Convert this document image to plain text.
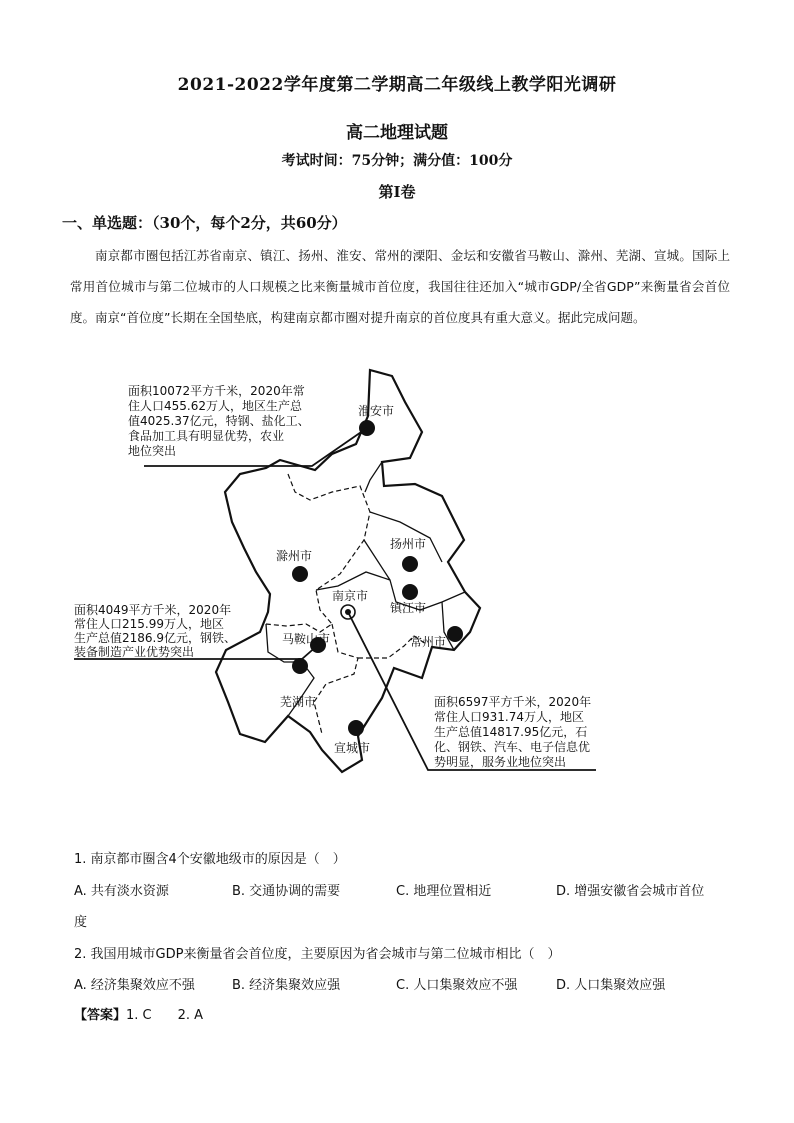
2021-2022学年度第二学期高二年级线上教学阳光调研
高二地理试题
考试时间：75分钟；满分值：100分
第Ⅰ卷
一、单选题：（30个，每个2分，共60分）
南京都市圈包括江苏省南京、镇江、扬州、淮安、常州的溧阳、金坛和安徽省马鞍山、滁州、芜湖、宣城。国际上常用首位城市与第二位城市的人口规模之比来衡量城市首位度，我国往往还加入“城市GDP/全省GDP”来衡量省会首位度。南京“首位度”长期在全国垫底，构建南京都市圈对提升南京的首位度具有重大意义。据此完成问题。
淮安市
滁州市
扬州市
南京市
镇江市
常州市
马鞍山市
芜湖市
宣城市
面积10072平方千米，2020年常
住人口455.62万人，地区生产总
值4025.37亿元，特钢、盐化工、
食品加工具有明显优势，农业
地位突出
面积4049平方千米，2020年
常住人口215.99万人，地区
生产总值2186.9亿元，钢铁、
装备制造产业优势突出
面积6597平方千米，2020年
常住人口931.74万人，地区
生产总值14817.95亿元，石
化、钢铁、汽车、电子信息优
势明显，服务业地位突出
1. 南京都市圈含4个安徽地级市的原因是（　）
A. 共有淡水资源	B. 交通协调的需要	C. 地理位置相近	D. 增强安徽省会城市首位
度
2. 我国用城市GDP来衡量省会首位度，主要原因为省会城市与第二位城市相比（　）
A. 经济集聚效应不强	B. 经济集聚效应强	C. 人口集聚效应不强	D. 人口集聚效应强
【答案】1. C　　2. A
